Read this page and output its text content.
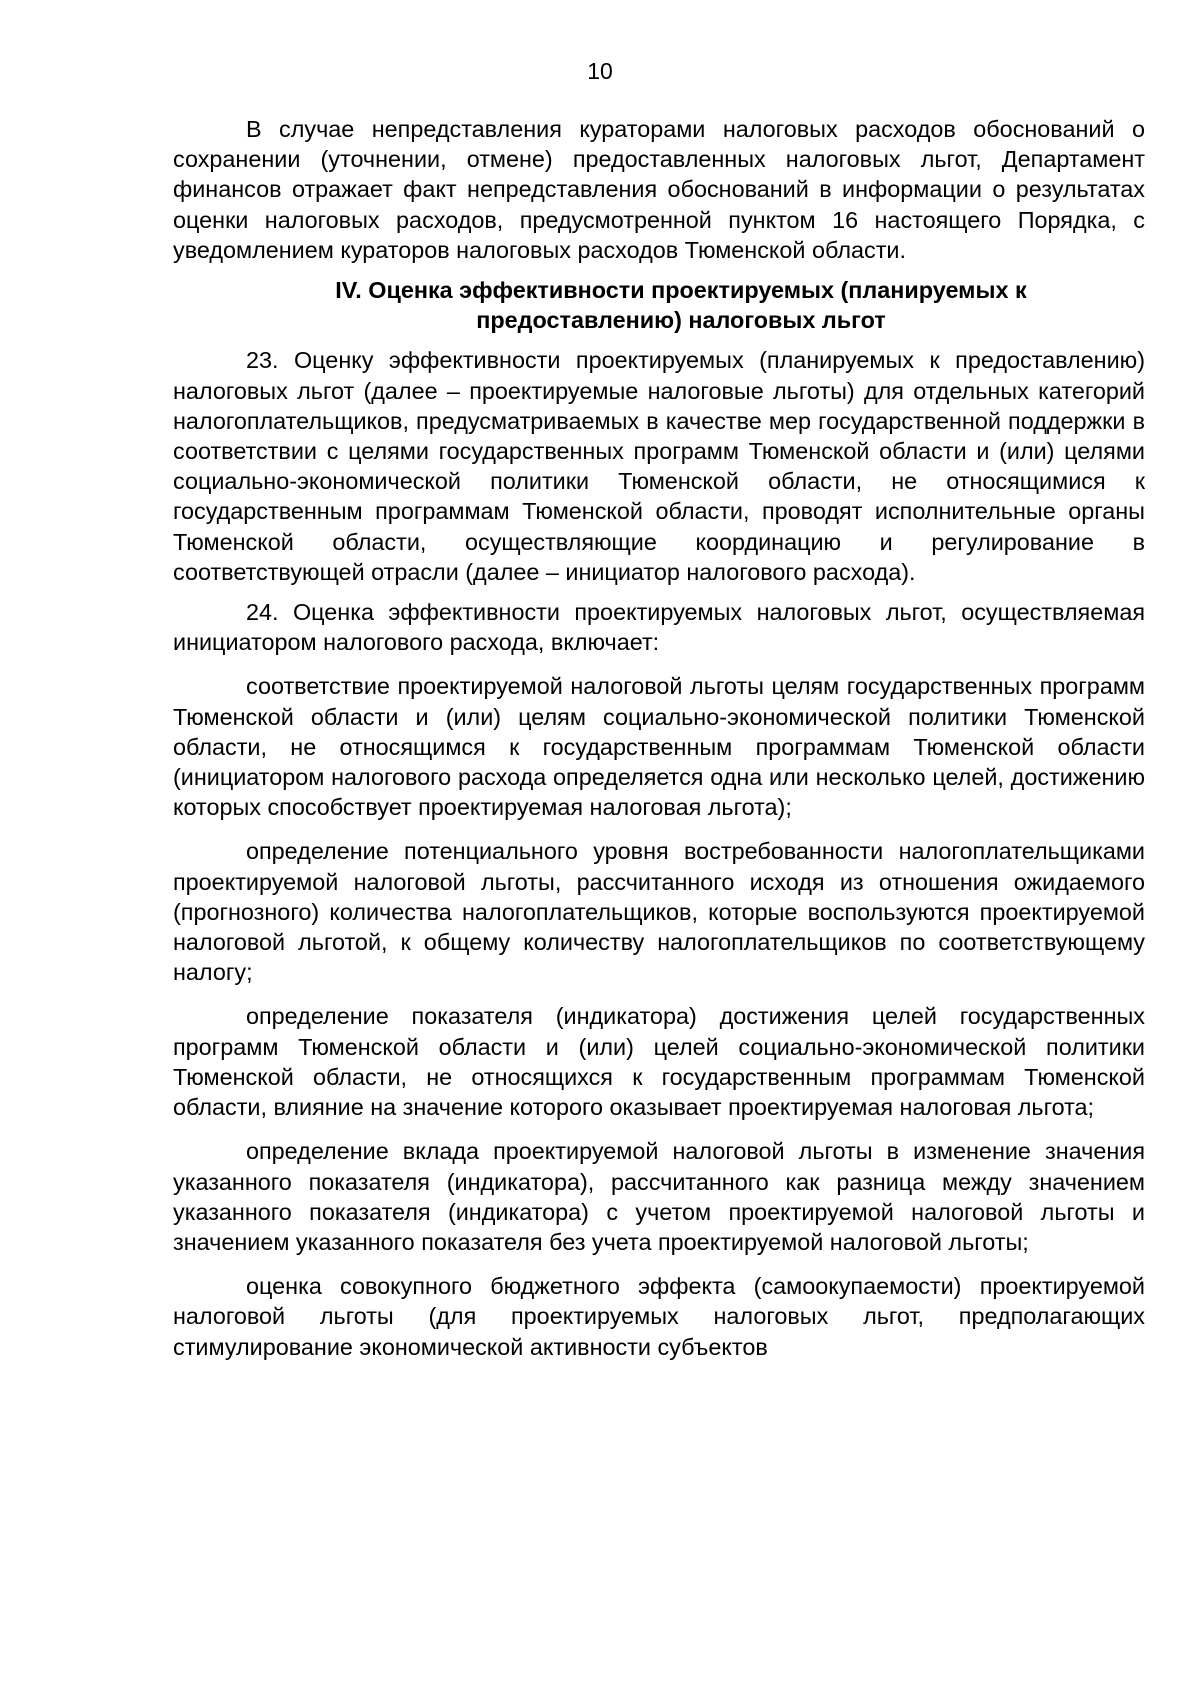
10

В случае непредставления кураторами налоговых расходов обоснований о сохранении (уточнении, отмене) предоставленных налоговых льгот, Департамент финансов отражает факт непредставления обоснований в информации о результатах оценки налоговых расходов, предусмотренной пунктом 16 настоящего Порядка, с уведомлением кураторов налоговых расходов Тюменской области.

IV. Оценка эффективности проектируемых (планируемых к
предоставлению) налоговых льгот

23. Оценку эффективности проектируемых (планируемых к предоставлению) налоговых льгот (далее – проектируемые налоговые льготы) для отдельных категорий налогоплательщиков, предусматриваемых в качестве мер государственной поддержки в соответствии с целями государственных программ Тюменской области и (или) целями социально-экономической политики Тюменской области, не относящимися к государственным программам Тюменской области, проводят исполнительные органы Тюменской области, осуществляющие координацию и регулирование в соответствующей отрасли (далее – инициатор налогового расхода).

24. Оценка эффективности проектируемых налоговых льгот, осуществляемая инициатором налогового расхода, включает:

соответствие проектируемой налоговой льготы целям государственных программ Тюменской области и (или) целям социально-экономической политики Тюменской области, не относящимся к государственным программам Тюменской области (инициатором налогового расхода определяется одна или несколько целей, достижению которых способствует проектируемая налоговая льгота);

определение потенциального уровня востребованности налогоплательщиками проектируемой налоговой льготы, рассчитанного исходя из отношения ожидаемого (прогнозного) количества налогоплательщиков, которые воспользуются проектируемой налоговой льготой, к общему количеству налогоплательщиков по соответствующему налогу;

определение показателя (индикатора) достижения целей государственных программ Тюменской области и (или) целей социально-экономической политики Тюменской области, не относящихся к государственным программам Тюменской области, влияние на значение которого оказывает проектируемая налоговая льгота;

определение вклада проектируемой налоговой льготы в изменение значения указанного показателя (индикатора), рассчитанного как разница между значением указанного показателя (индикатора) с учетом проектируемой налоговой льготы и значением указанного показателя без учета проектируемой налоговой льготы;

оценка совокупного бюджетного эффекта (самоокупаемости) проектируемой налоговой льготы (для проектируемых налоговых льгот, предполагающих стимулирование экономической активности субъектов
